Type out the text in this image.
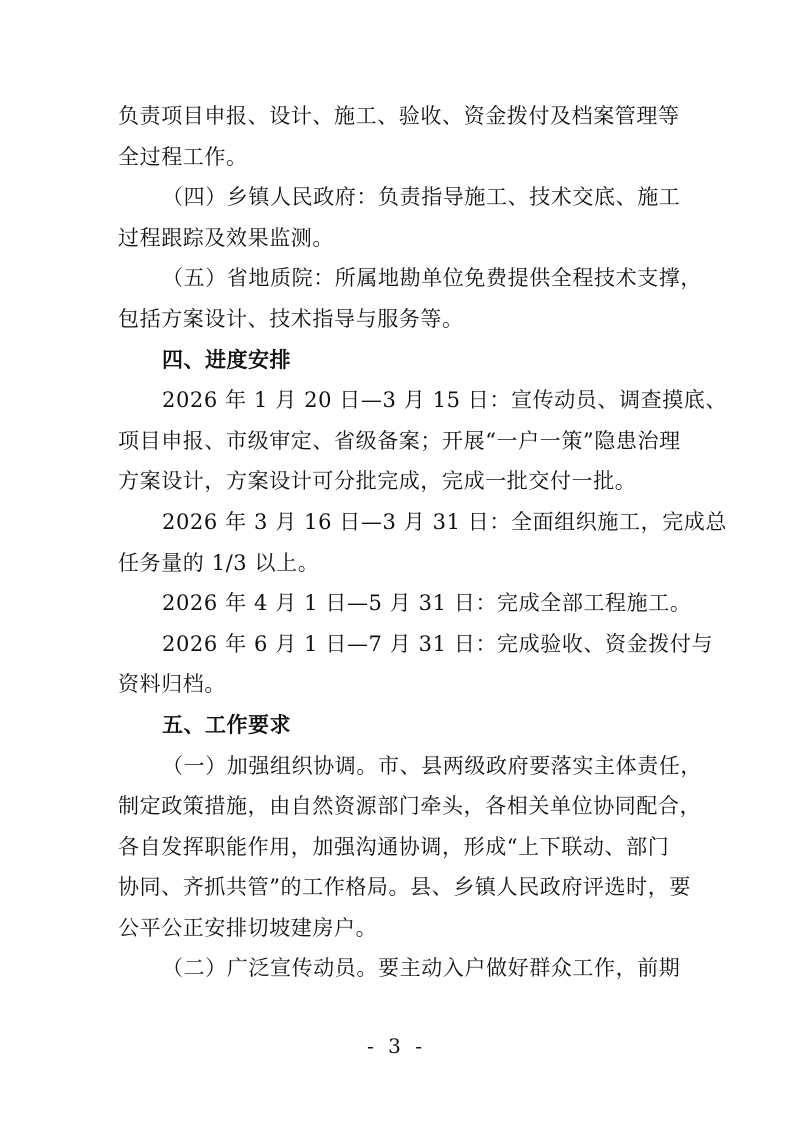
负责项目申报、设计、施工、验收、资金拨付及档案管理等
全过程工作。
（四）乡镇人民政府：负责指导施工、技术交底、施工
过程跟踪及效果监测。
（五）省地质院：所属地勘单位免费提供全程技术支撑，
包括方案设计、技术指导与服务等。
四、进度安排
2026 年 1 月 20 日—3 月 15 日：宣传动员、调查摸底、
项目申报、市级审定、省级备案；开展“一户一策”隐患治理
方案设计，方案设计可分批完成，完成一批交付一批。
2026 年 3 月 16 日—3 月 31 日：全面组织施工，完成总
任务量的 1/3 以上。
2026 年 4 月 1 日—5 月 31 日：完成全部工程施工。
2026 年 6 月 1 日—7 月 31 日：完成验收、资金拨付与
资料归档。
五、工作要求
（一）加强组织协调。市、县两级政府要落实主体责任，
制定政策措施，由自然资源部门牵头，各相关单位协同配合，
各自发挥职能作用，加强沟通协调，形成“上下联动、部门
协同、齐抓共管”的工作格局。县、乡镇人民政府评选时，要
公平公正安排切坡建房户。
（二）广泛宣传动员。要主动入户做好群众工作，前期
- 3 -
